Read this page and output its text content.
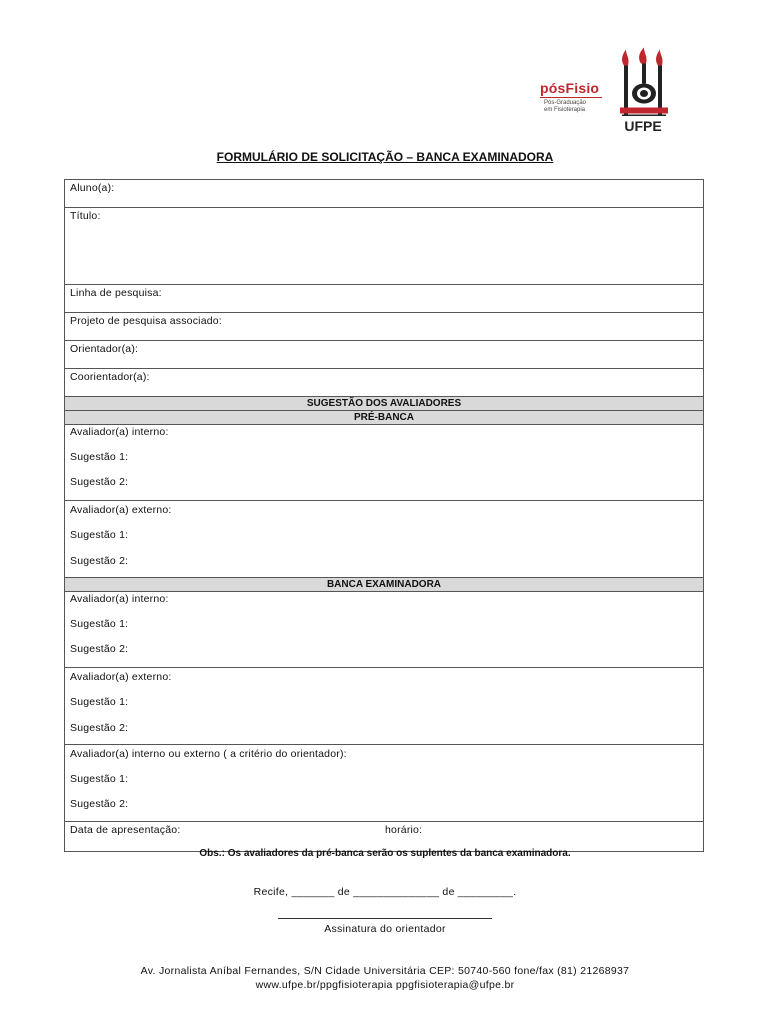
pósFisio
Pós-Graduação
em Fisioterapia
UFPE
FORMULÁRIO DE SOLICITAÇÃO – BANCA EXAMINADORA
Aluno(a):
Título:
Linha de pesquisa:
Projeto de pesquisa associado:
Orientador(a):
Coorientador(a):
SUGESTÃO DOS AVALIADORES
PRÉ-BANCA
Avaliador(a) interno:
Sugestão 1:
Sugestão 2:
Avaliador(a) externo:
Sugestão 1:
Sugestão 2:
BANCA EXAMINADORA
Avaliador(a) interno:
Sugestão 1:
Sugestão 2:
Avaliador(a) externo:
Sugestão 1:
Sugestão 2:
Avaliador(a) interno ou externo ( a critério do orientador):
Sugestão 1:
Sugestão 2:
Data de apresentação:	horário:
Obs.: Os avaliadores da pré-banca serão os suplentes da banca examinadora.
Recife, _______ de ______________ de _________.
Assinatura do orientador
Av. Jornalista Aníbal Fernandes, S/N Cidade Universitária CEP: 50740-560 fone/fax (81) 21268937
www.ufpe.br/ppgfisioterapia ppgfisioterapia@ufpe.br
